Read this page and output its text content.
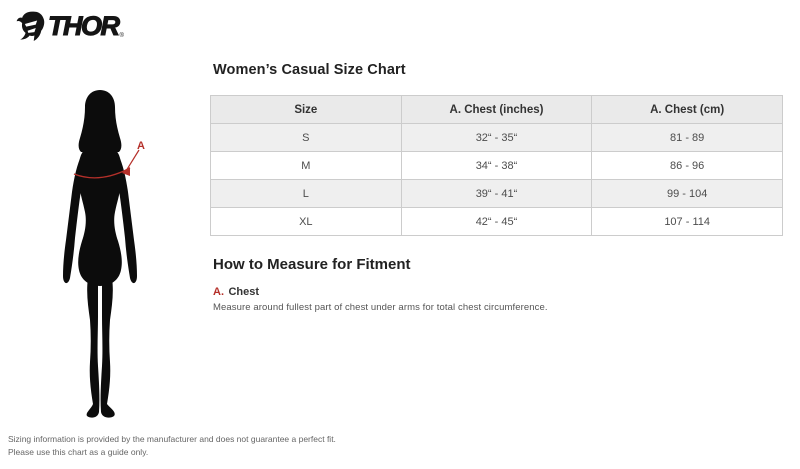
THOR ®
A
Women’s Casual Size Chart
Size	A. Chest (inches)	A. Chest (cm)
S	32“ - 35“	81 - 89
M	34“ - 38“	86 - 96
L	39“ - 41“	99 - 104
XL	42“ - 45“	107 - 114
How to Measure for Fitment
A. Chest
Measure around fullest part of chest under arms for total chest circumference.
Sizing information is provided by the manufacturer and does not guarantee a perfect fit.
Please use this chart as a guide only.
